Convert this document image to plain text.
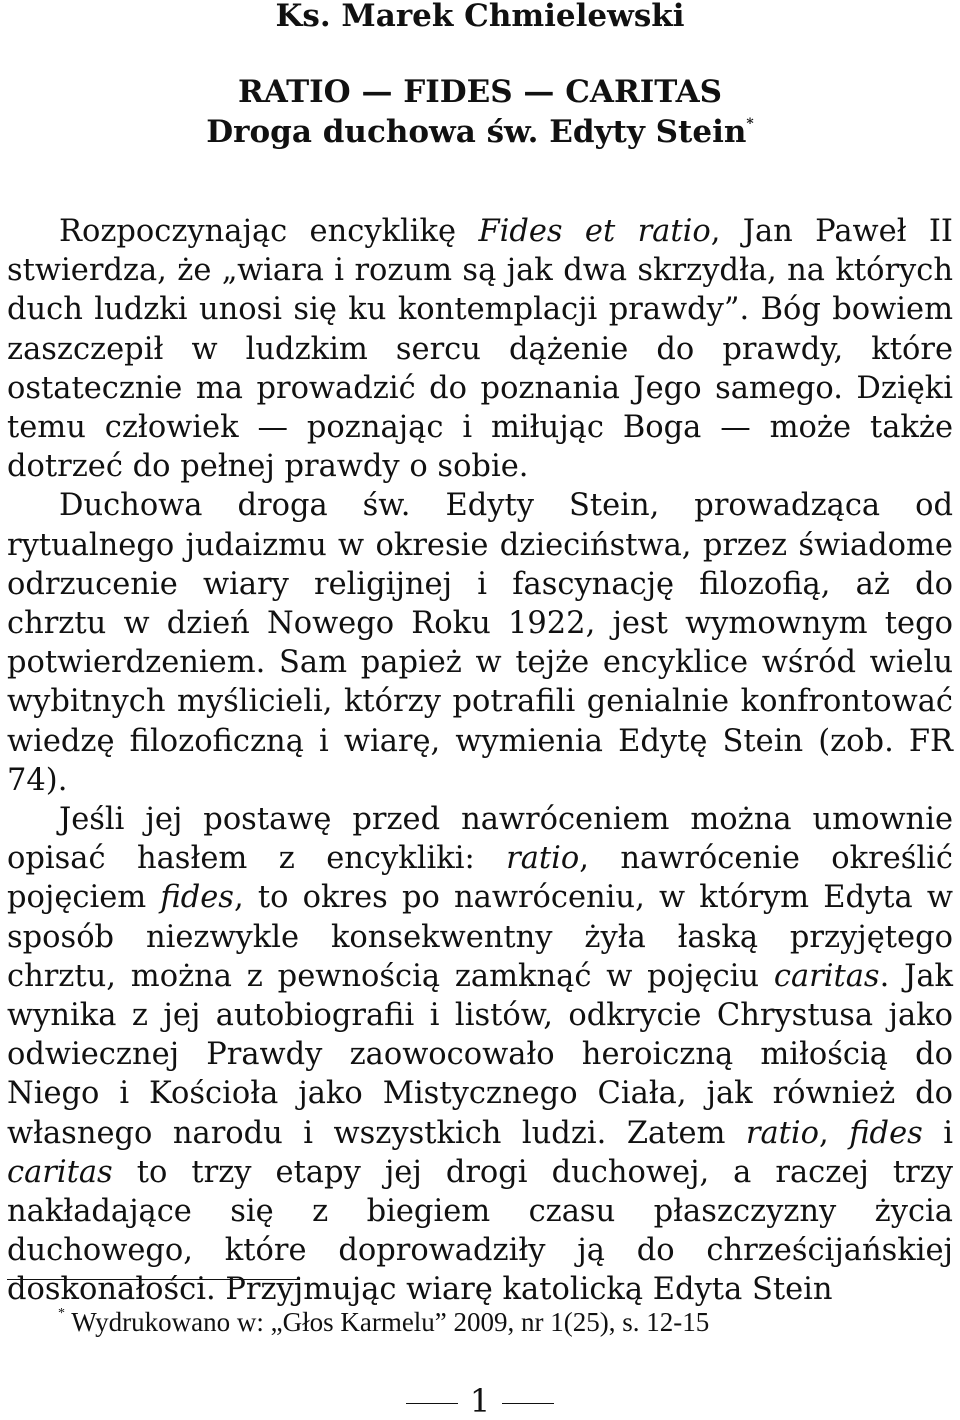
Ks. Marek Chmielewski
RATIO — FIDES — CARITAS
Droga duchowa św. Edyty Stein*

Rozpoczynając encyklikę Fides et ratio, Jan Paweł II stwierdza, że „wiara i rozum są jak dwa skrzydła, na których duch ludzki unosi się ku kontemplacji prawdy”. Bóg bowiem zaszczepił w ludzkim sercu dążenie do prawdy, które ostatecznie ma prowadzić do poznania Jego samego. Dzięki temu człowiek — poznając i miłując Boga — może także dotrzeć do pełnej prawdy o sobie.

Duchowa droga św. Edyty Stein, prowadząca od rytualnego judaizmu w okresie dzieciństwa, przez świadome odrzucenie wiary religijnej i fascynację filozofią, aż do chrztu w dzień Nowego Roku 1922, jest wymownym tego potwierdzeniem. Sam papież w tejże encyklice wśród wielu wybitnych myślicieli, którzy potrafili genialnie konfrontować wiedzę filozoficzną i wiarę, wymienia Edytę Stein (zob. FR 74).

Jeśli jej postawę przed nawróceniem można umownie opisać hasłem z encykliki: ratio, nawrócenie określić pojęciem fides, to okres po nawróceniu, w którym Edyta w sposób niezwykle konsekwentny żyła łaską przyjętego chrztu, można z pewnością zamknąć w pojęciu caritas. Jak wynika z jej autobiografii i listów, odkrycie Chrystusa jako odwiecznej Prawdy zaowocowało heroiczną miłością do Niego i Kościoła jako Mistycznego Ciała, jak również do własnego narodu i wszystkich ludzi. Zatem ratio, fides i caritas to trzy etapy jej drogi duchowej, a raczej trzy nakładające się z biegiem czasu płaszczyzny życia duchowego, które doprowadziły ją do chrześcijańskiej doskonałości. Przyjmując wiarę katolicką Edyta Stein

* Wydrukowano w: „Głos Karmelu” 2009, nr 1(25), s. 12-15
1
